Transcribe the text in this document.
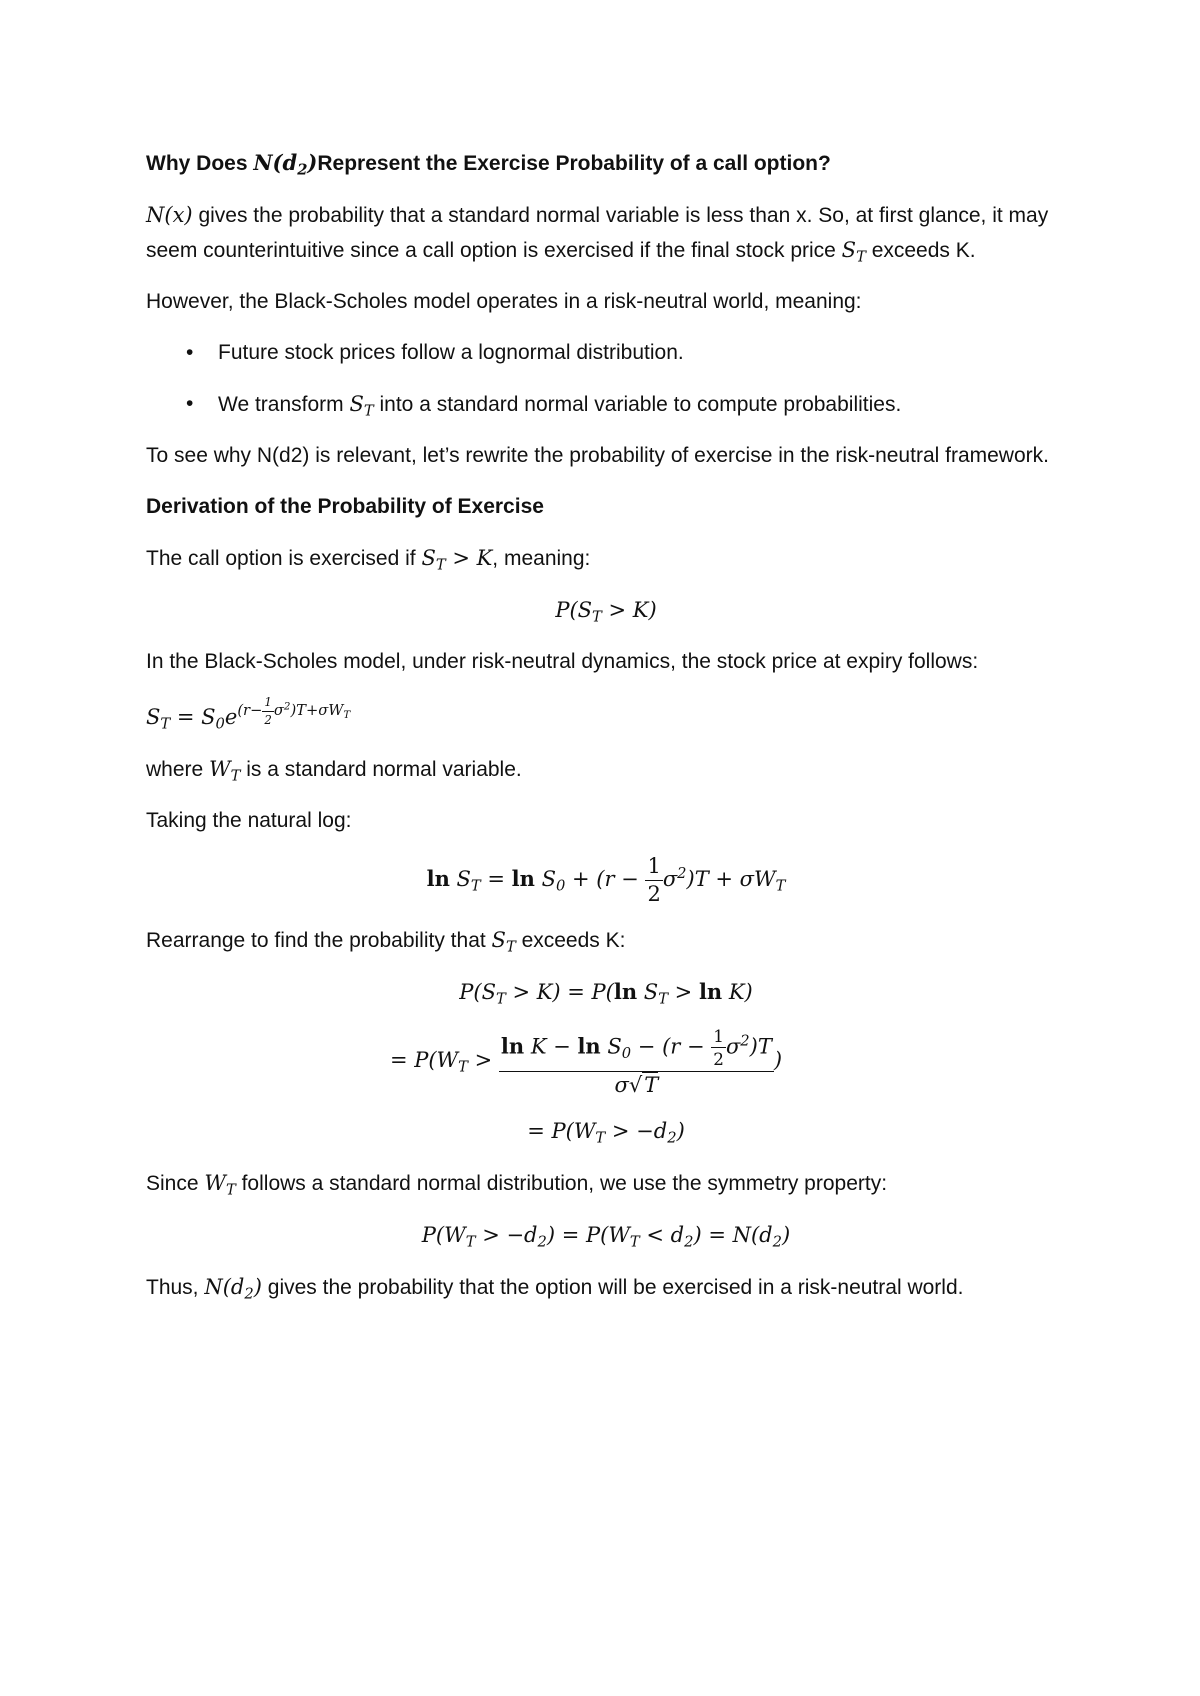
Why Does $N(d_2)Represent$ the Exercise Probability of a call option?

N(x) gives the probability that a standard normal variable is less than x. So, at first glance, it may seem counterintuitive since a call option is exercised if the final stock price $S_T$ exceeds K.

However, the Black-Scholes model operates in a risk-neutral world, meaning:

• Future stock prices follow a lognormal distribution.
• We transform $S_T$ into a standard normal variable to compute probabilities.

To see why N(d2) is relevant, let’s rewrite the probability of exercise in the risk-neutral framework.

Derivation of the Probability of Exercise

The call option is exercised if $S_T > K$, meaning:

$P(S_T > K)$

In the Black-Scholes model, under risk-neutral dynamics, the stock price at expiry follows:

$S_T = S_0e^{(r- \frac{1}{2} \sigma^2)T+\sigma W_T}$

where $W_T$ is a standard normal variable.

Taking the natural log:

$\ln S_T = \ln S_0 + (r - \frac{1}{2} \sigma^2)T + \sigma W_T$

Rearrange to find the probability that $S_T$ exceeds K:

$P(S_T > K) = P(\ln$ $S_T > \ln K$)
= $P(W_T > \frac{\ln K - \ln S_0 - (r - \frac{1}{2} \sigma^2)T}{\sigma√T}$ )
= $P(W_T > -d_2)$

Since $W_T$ follows a standard normal distribution, we use the symmetry property:

$P(W_T > -d_2) = P(W_T < d_2) = N(d_2)$

Thus, $N(d_2)$ gives the probability that the option will be exercised in a risk-neutral world.
